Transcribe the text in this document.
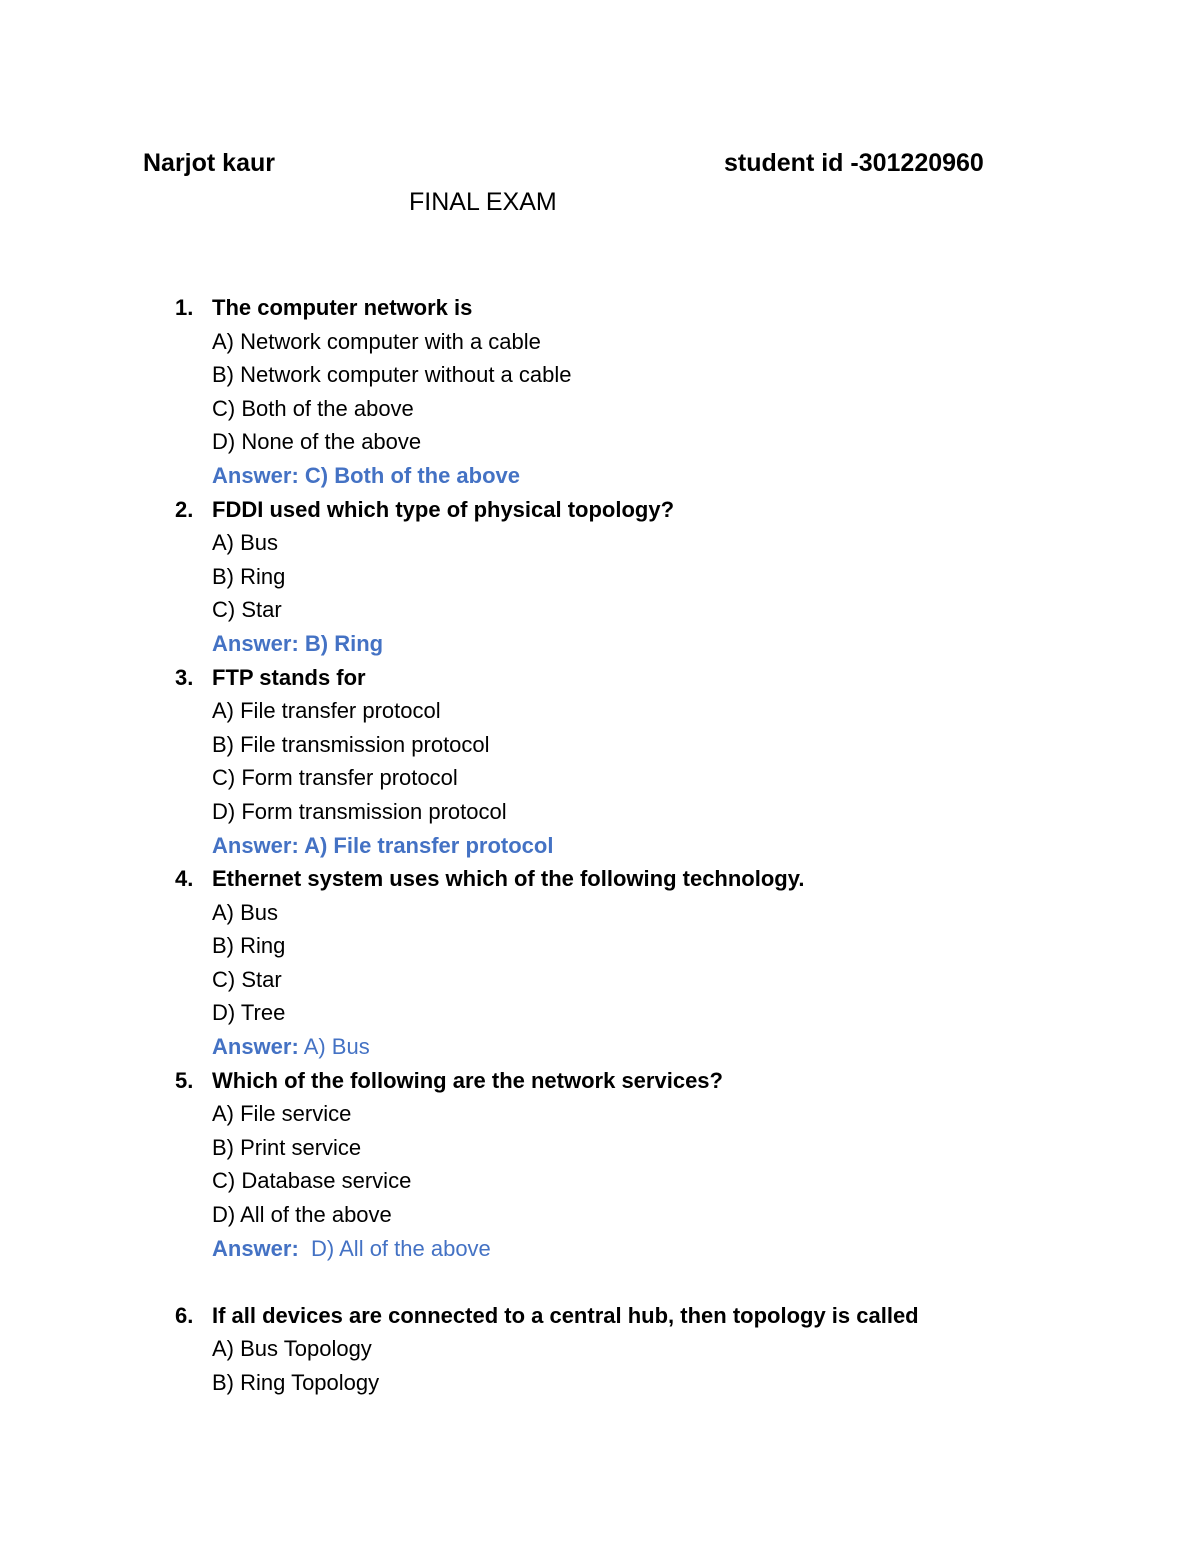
Narjot kaur	student id -301220960
FINAL EXAM
1. The computer network is
A) Network computer with a cable
B) Network computer without a cable
C) Both of the above
D) None of the above
Answer: C) Both of the above
2. FDDI used which type of physical topology?
A) Bus
B) Ring
C) Star
Answer: B) Ring
3. FTP stands for
A) File transfer protocol
B) File transmission protocol
C) Form transfer protocol
D) Form transmission protocol
Answer: A) File transfer protocol
4. Ethernet system uses which of the following technology.
A) Bus
B) Ring
C) Star
D) Tree
Answer: A) Bus
5. Which of the following are the network services?
A) File service
B) Print service
C) Database service
D) All of the above
Answer:  D) All of the above
6. If all devices are connected to a central hub, then topology is called
A) Bus Topology
B) Ring Topology
